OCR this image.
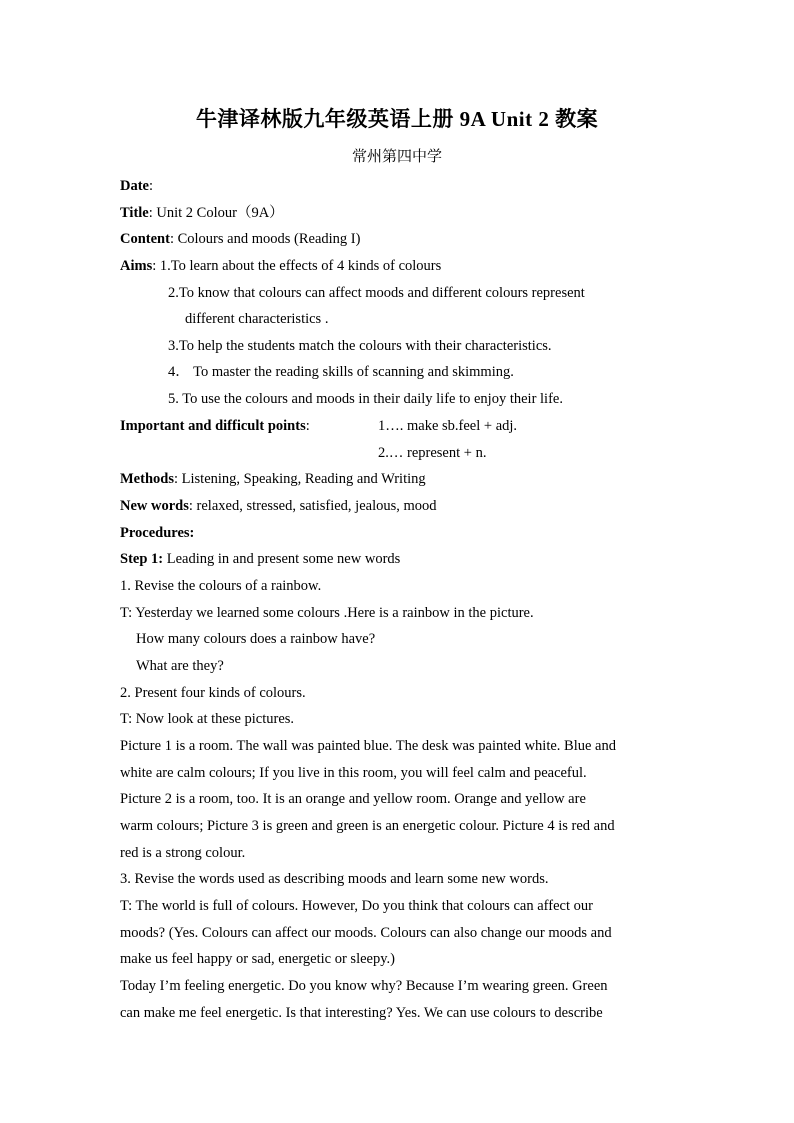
牛津译林版九年级英语上册 9A Unit 2 教案
常州第四中学
Date:
Title: Unit 2 Colour（9A）
Content: Colours and moods (Reading I)
Aims: 1.To learn about the effects of 4 kinds of colours
2.To know that colours can affect moods and different colours represent
different characteristics .
3.To help the students match the colours with their characteristics.
4． To master the reading skills of scanning and skimming.
5. To use the colours and moods in their daily life to enjoy their life.
Important and difficult points:	1…. make sb.feel + adj.
2.… represent + n.
Methods: Listening, Speaking, Reading and Writing
New words: relaxed, stressed, satisfied, jealous, mood
Procedures:
Step 1: Leading in and present some new words
1. Revise the colours of a rainbow.
T: Yesterday we learned some colours .Here is a rainbow in the picture.
How many colours does a rainbow have?
What are they?
2. Present four kinds of colours.
T: Now look at these pictures.
Picture 1 is a room. The wall was painted blue. The desk was painted white. Blue and
white are calm colours; If you live in this room, you will feel calm and peaceful.
Picture 2 is a room, too. It is an orange and yellow room. Orange and yellow are
warm colours; Picture 3 is green and green is an energetic colour. Picture 4 is red and
red is a strong colour.
3. Revise the words used as describing moods and learn some new words.
T: The world is full of colours. However, Do you think that colours can affect our
moods? (Yes. Colours can affect our moods. Colours can also change our moods and
make us feel happy or sad, energetic or sleepy.)
Today I’m feeling energetic. Do you know why? Because I’m wearing green. Green
can make me feel energetic. Is that interesting? Yes. We can use colours to describe
